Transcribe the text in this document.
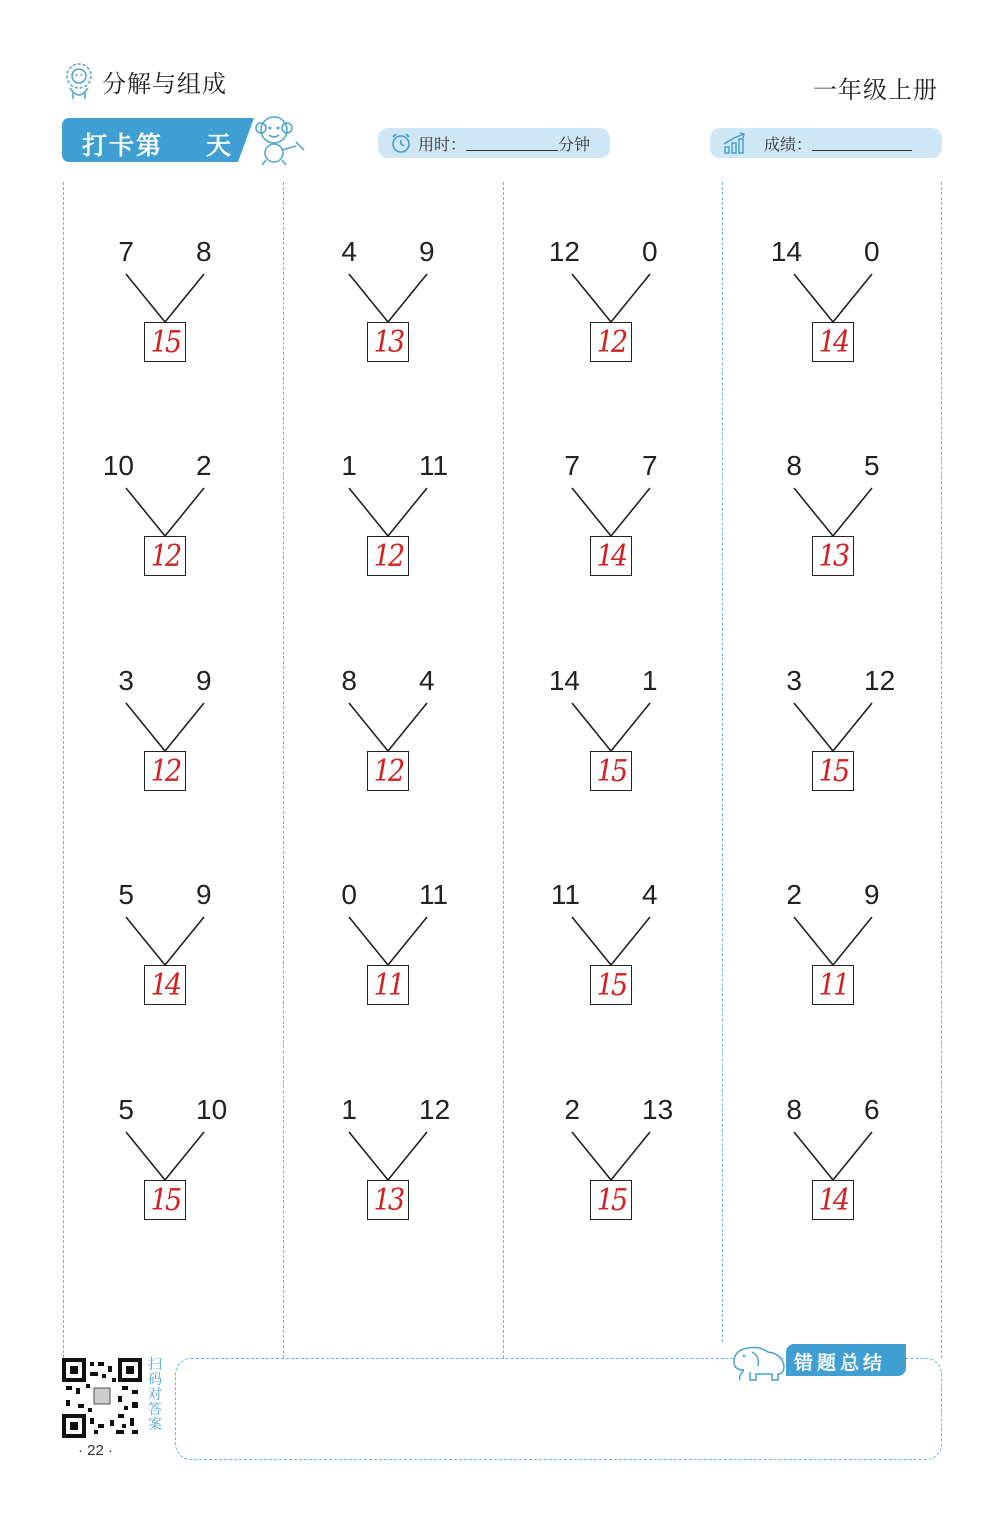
分解与组成	一年级上册
打卡第 天	用时：	分钟	成绩：
7 8
15
4 9
13
12 0
12
14 0
14
10 2
12
1 11
12
7 7
14
8 5
13
3 9
12
8 4
12
14 1
15
3 12
15
5 9
14
0 11
11
11 4
15
2 9
11
5 10
15
1 12
13
2 13
15
8 6
14
扫码对答案
· 22 ·
错题总结
